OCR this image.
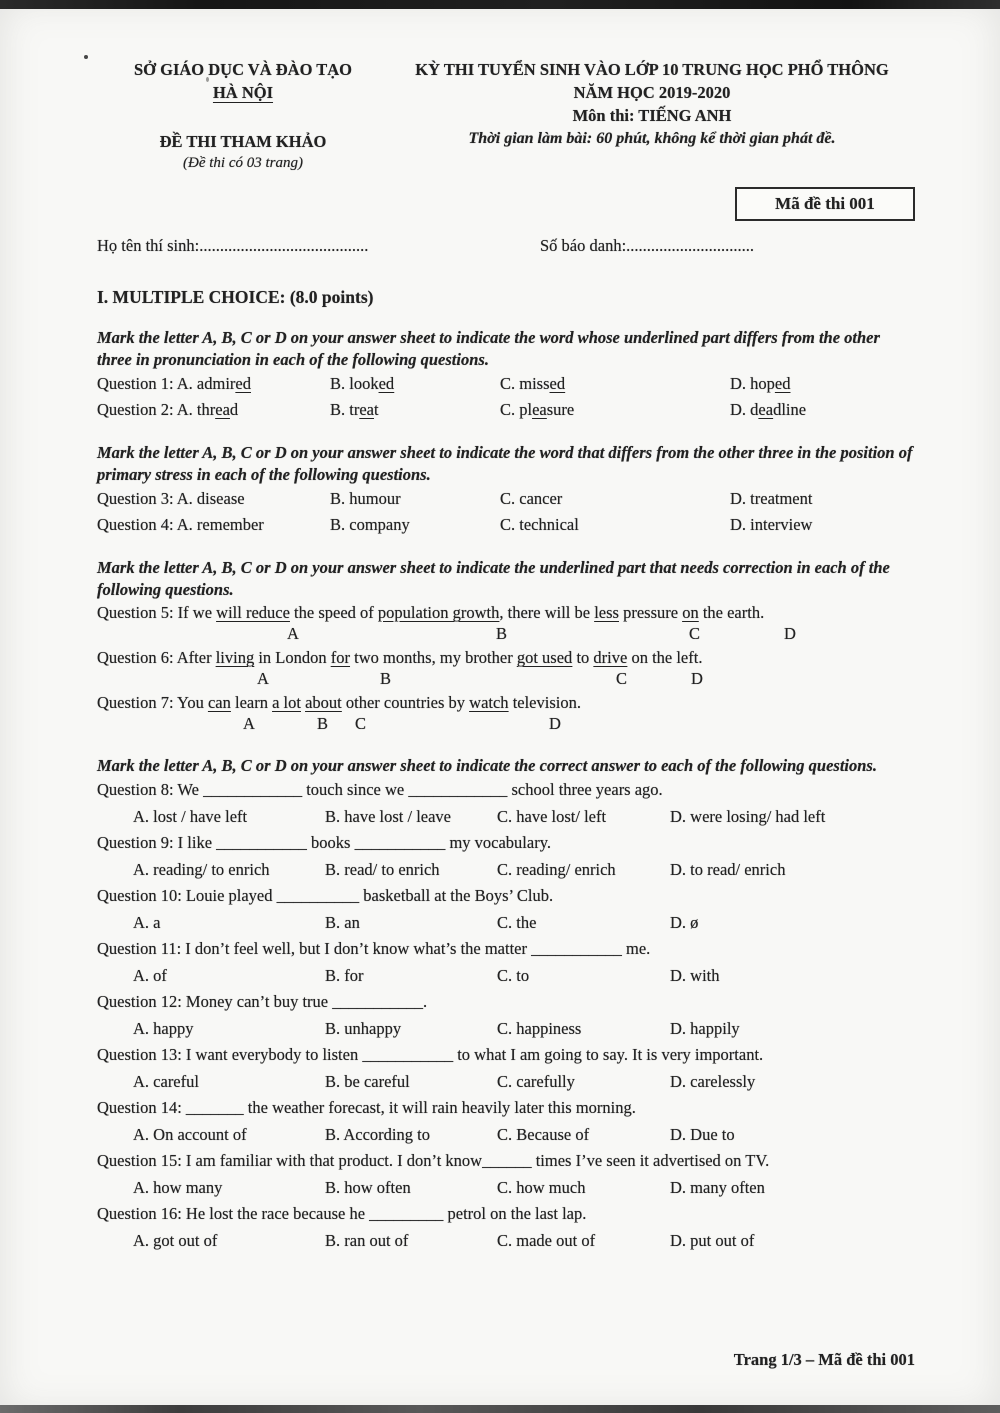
SỞ GIÁO DỤC VÀ ĐÀO TẠO
HÀ NỘI
ĐỀ THI THAM KHẢO
(Đề thi có 03 trang)
KỲ THI TUYỂN SINH VÀO LỚP 10 TRUNG HỌC PHỔ THÔNG
NĂM HỌC 2019-2020
Môn thi: TIẾNG ANH
Thời gian làm bài: 60 phút, không kể thời gian phát đề.
Mã đề thi 001
Họ tên thí sinh:.........................................	Số báo danh:...............................
I. MULTIPLE CHOICE: (8.0 points)
Mark the letter A, B, C or D on your answer sheet to indicate the word whose underlined part differs from the other three in pronunciation in each of the following questions.
Question 1: A. admired	B. looked	C. missed	D. hoped
Question 2: A. thread	B. treat	C. pleasure	D. deadline
Mark the letter A, B, C or D on your answer sheet to indicate the word that differs from the other three in the position of primary stress in each of the following questions.
Question 3: A. disease	B. humour	C. cancer	D. treatment
Question 4: A. remember	B. company	C. technical	D. interview
Mark the letter A, B, C or D on your answer sheet to indicate the underlined part that needs correction in each of the following questions.
Question 5: If we will reduce the speed of population growth, there will be less pressure on the earth.
A	B	C	D
Question 6: After living in London for two months, my brother got used to drive on the left.
A	B	C	D
Question 7: You can learn a lot about other countries by watch television.
A	B C	D
Mark the letter A, B, C or D on your answer sheet to indicate the correct answer to each of the following questions.
Question 8: We ____________ touch since we ____________ school three years ago.
A. lost / have left	B. have lost / leave	C. have lost/ left	D. were losing/ had left
Question 9: I like ___________ books ___________ my vocabulary.
A. reading/ to enrich	B. read/ to enrich	C. reading/ enrich	D. to read/ enrich
Question 10: Louie played __________ basketball at the Boys’ Club.
A. a	B. an	C. the	D. ø
Question 11: I don’t feel well, but I don’t know what’s the matter ___________ me.
A. of	B. for	C. to	D. with
Question 12: Money can’t buy true ___________.
A. happy	B. unhappy	C. happiness	D. happily
Question 13: I want everybody to listen ___________ to what I am going to say. It is very important.
A. careful	B. be careful	C. carefully	D. carelessly
Question 14: _______ the weather forecast, it will rain heavily later this morning.
A. On account of	B. According to	C. Because of	D. Due to
Question 15: I am familiar with that product. I don’t know______ times I’ve seen it advertised on TV.
A. how many	B. how often	C. how much	D. many often
Question 16: He lost the race because he _________ petrol on the last lap.
A. got out of	B. ran out of	C. made out of	D. put out of
Trang 1/3 – Mã đề thi 001
